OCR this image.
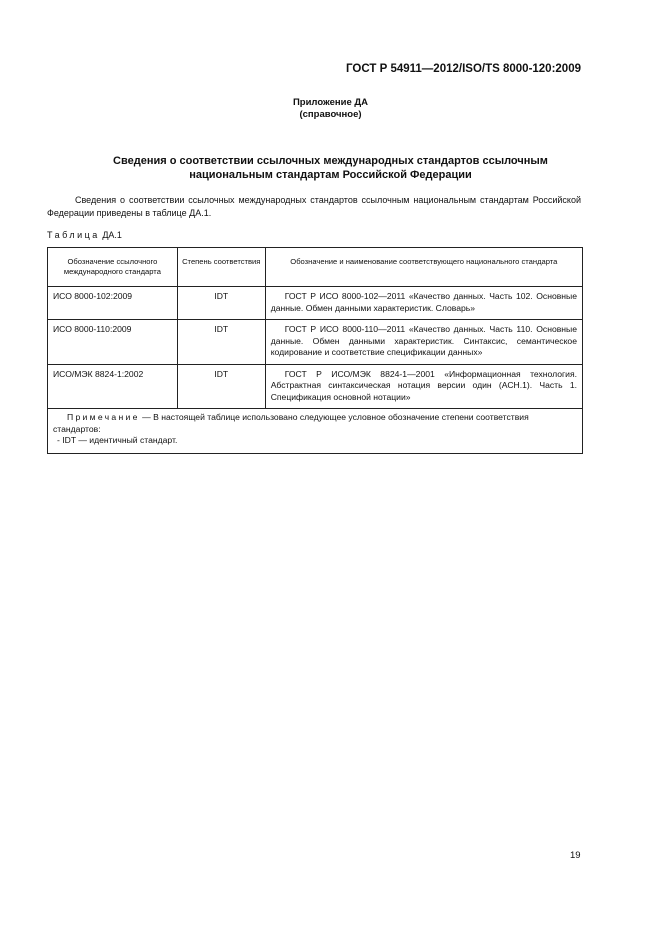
ГОСТ Р 54911—2012/ISO/TS 8000-120:2009
Приложение ДА
(справочное)
Сведения о соответствии ссылочных международных стандартов ссылочным
национальным стандартам Российской Федерации
Сведения о соответствии ссылочных международных стандартов ссылочным национальным стандартам Российской Федерации приведены в таблице ДА.1.
Таблица ДА.1
Обозначение ссылочного международного стандарта	Степень соответствия	Обозначение и наименование соответствующего национального стандарта
ИСО 8000-102:2009	IDT	ГОСТ Р ИСО 8000-102—2011 «Качество данных. Часть 102. Основные данные. Обмен данными характеристик. Словарь»
ИСО 8000-110:2009	IDT	ГОСТ Р ИСО 8000-110—2011 «Качество данных. Часть 110. Основные данные. Обмен данными характеристик. Синтаксис, семантическое кодирование и соответствие спецификации данных»
ИСО/МЭК 8824-1:2002	IDT	ГОСТ Р ИСО/МЭК 8824-1—2001 «Информационная технология. Абстрактная синтаксическая нотация версии один (АСН.1). Часть 1. Спецификация основной нотации»

Примечание — В настоящей таблице использовано следующее условное обозначение степени соответствия стандартов:
- IDT — идентичный стандарт.		
19
